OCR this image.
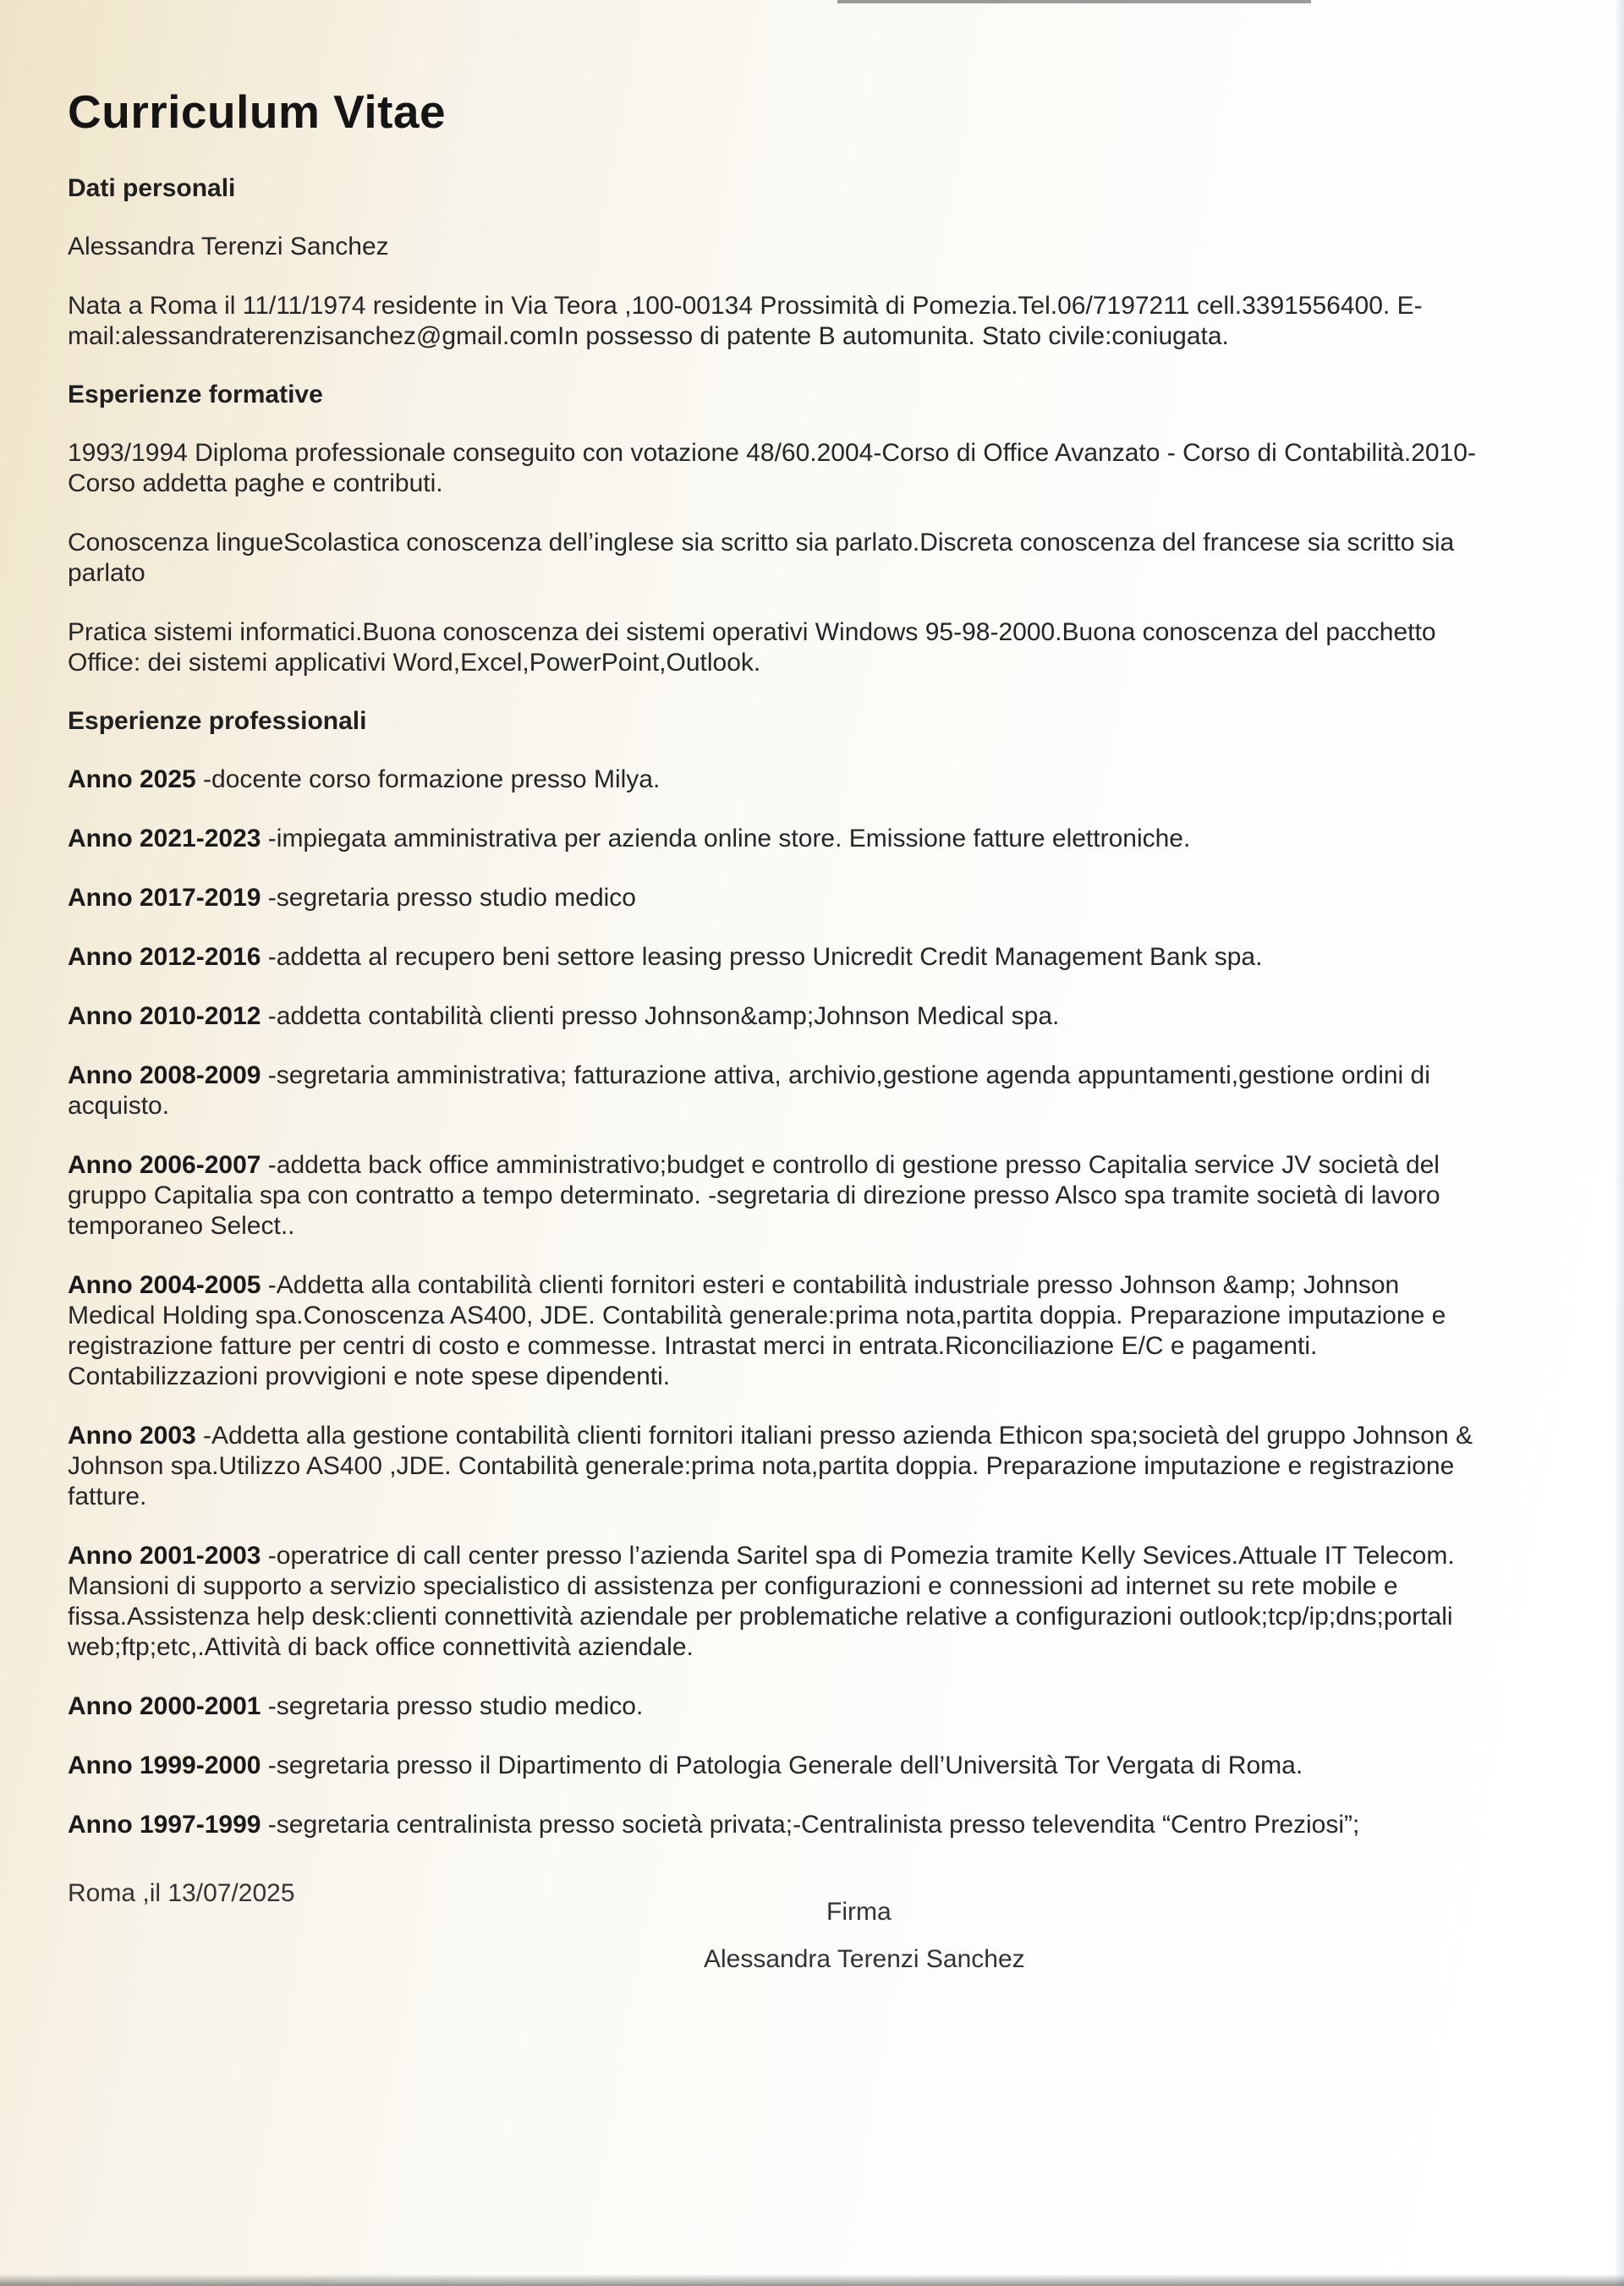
Curriculum Vitae
Dati personali

Alessandra Terenzi Sanchez

Nata a Roma il 11/11/1974 residente in Via Teora ,100-00134 Prossimità di Pomezia.Tel.06/7197211 cell.3391556400. E-mail:alessandraterenzisanchez@gmail.comIn possesso di patente B automunita. Stato civile:coniugata.

Esperienze formative

1993/1994 Diploma professionale conseguito con votazione 48/60.2004-Corso di Office Avanzato - Corso di Contabilità.2010-Corso addetta paghe e contributi.

Conoscenza lingueScolastica conoscenza dell’inglese sia scritto sia parlato.Discreta conoscenza del francese sia scritto sia parlato

Pratica sistemi informatici.Buona conoscenza dei sistemi operativi Windows 95-98-2000.Buona conoscenza del pacchetto Office: dei sistemi applicativi Word,Excel,PowerPoint,Outlook.

Esperienze professionali

Anno 2025 -docente corso formazione presso Milya.

Anno 2021-2023 -impiegata amministrativa per azienda online store. Emissione fatture elettroniche.

Anno 2017-2019 -segretaria presso studio medico

Anno 2012-2016 -addetta al recupero beni settore leasing presso Unicredit Credit Management Bank spa.

Anno 2010-2012 -addetta contabilità clienti presso Johnson&amp;Johnson Medical spa.

Anno 2008-2009 -segretaria amministrativa; fatturazione attiva, archivio,gestione agenda appuntamenti,gestione ordini di acquisto.

Anno 2006-2007 -addetta back office amministrativo;budget e controllo di gestione presso Capitalia service JV società del gruppo Capitalia spa con contratto a tempo determinato. -segretaria di direzione presso Alsco spa tramite società di lavoro temporaneo Select..

Anno 2004-2005 -Addetta alla contabilità clienti fornitori esteri e contabilità industriale presso Johnson &amp; Johnson Medical Holding spa.Conoscenza AS400, JDE. Contabilità generale:prima nota,partita doppia. Preparazione imputazione e registrazione fatture per centri di costo e commesse. Intrastat merci in entrata.Riconciliazione E/C e pagamenti. Contabilizzazioni provvigioni e note spese dipendenti.

Anno 2003 -Addetta alla gestione contabilità clienti fornitori italiani presso azienda Ethicon spa;società del gruppo Johnson & Johnson spa.Utilizzo AS400 ,JDE. Contabilità generale:prima nota,partita doppia. Preparazione imputazione e registrazione fatture.

Anno 2001-2003 -operatrice di call center presso l’azienda Saritel spa di Pomezia tramite Kelly Sevices.Attuale IT Telecom. Mansioni di supporto a servizio specialistico di assistenza per configurazioni e connessioni ad internet su rete mobile e fissa.Assistenza help desk:clienti connettività aziendale per problematiche relative a configurazioni outlook;tcp/ip;dns;portali web;ftp;etc,.Attività di back office connettività aziendale.

Anno 2000-2001 -segretaria presso studio medico.

Anno 1999-2000 -segretaria presso il Dipartimento di Patologia Generale dell’Università Tor Vergata di Roma.

Anno 1997-1999 -segretaria centralinista presso società privata;-Centralinista presso televendita “Centro Preziosi”;

Roma ,il 13/07/2025
Firma
Alessandra Terenzi Sanchez
